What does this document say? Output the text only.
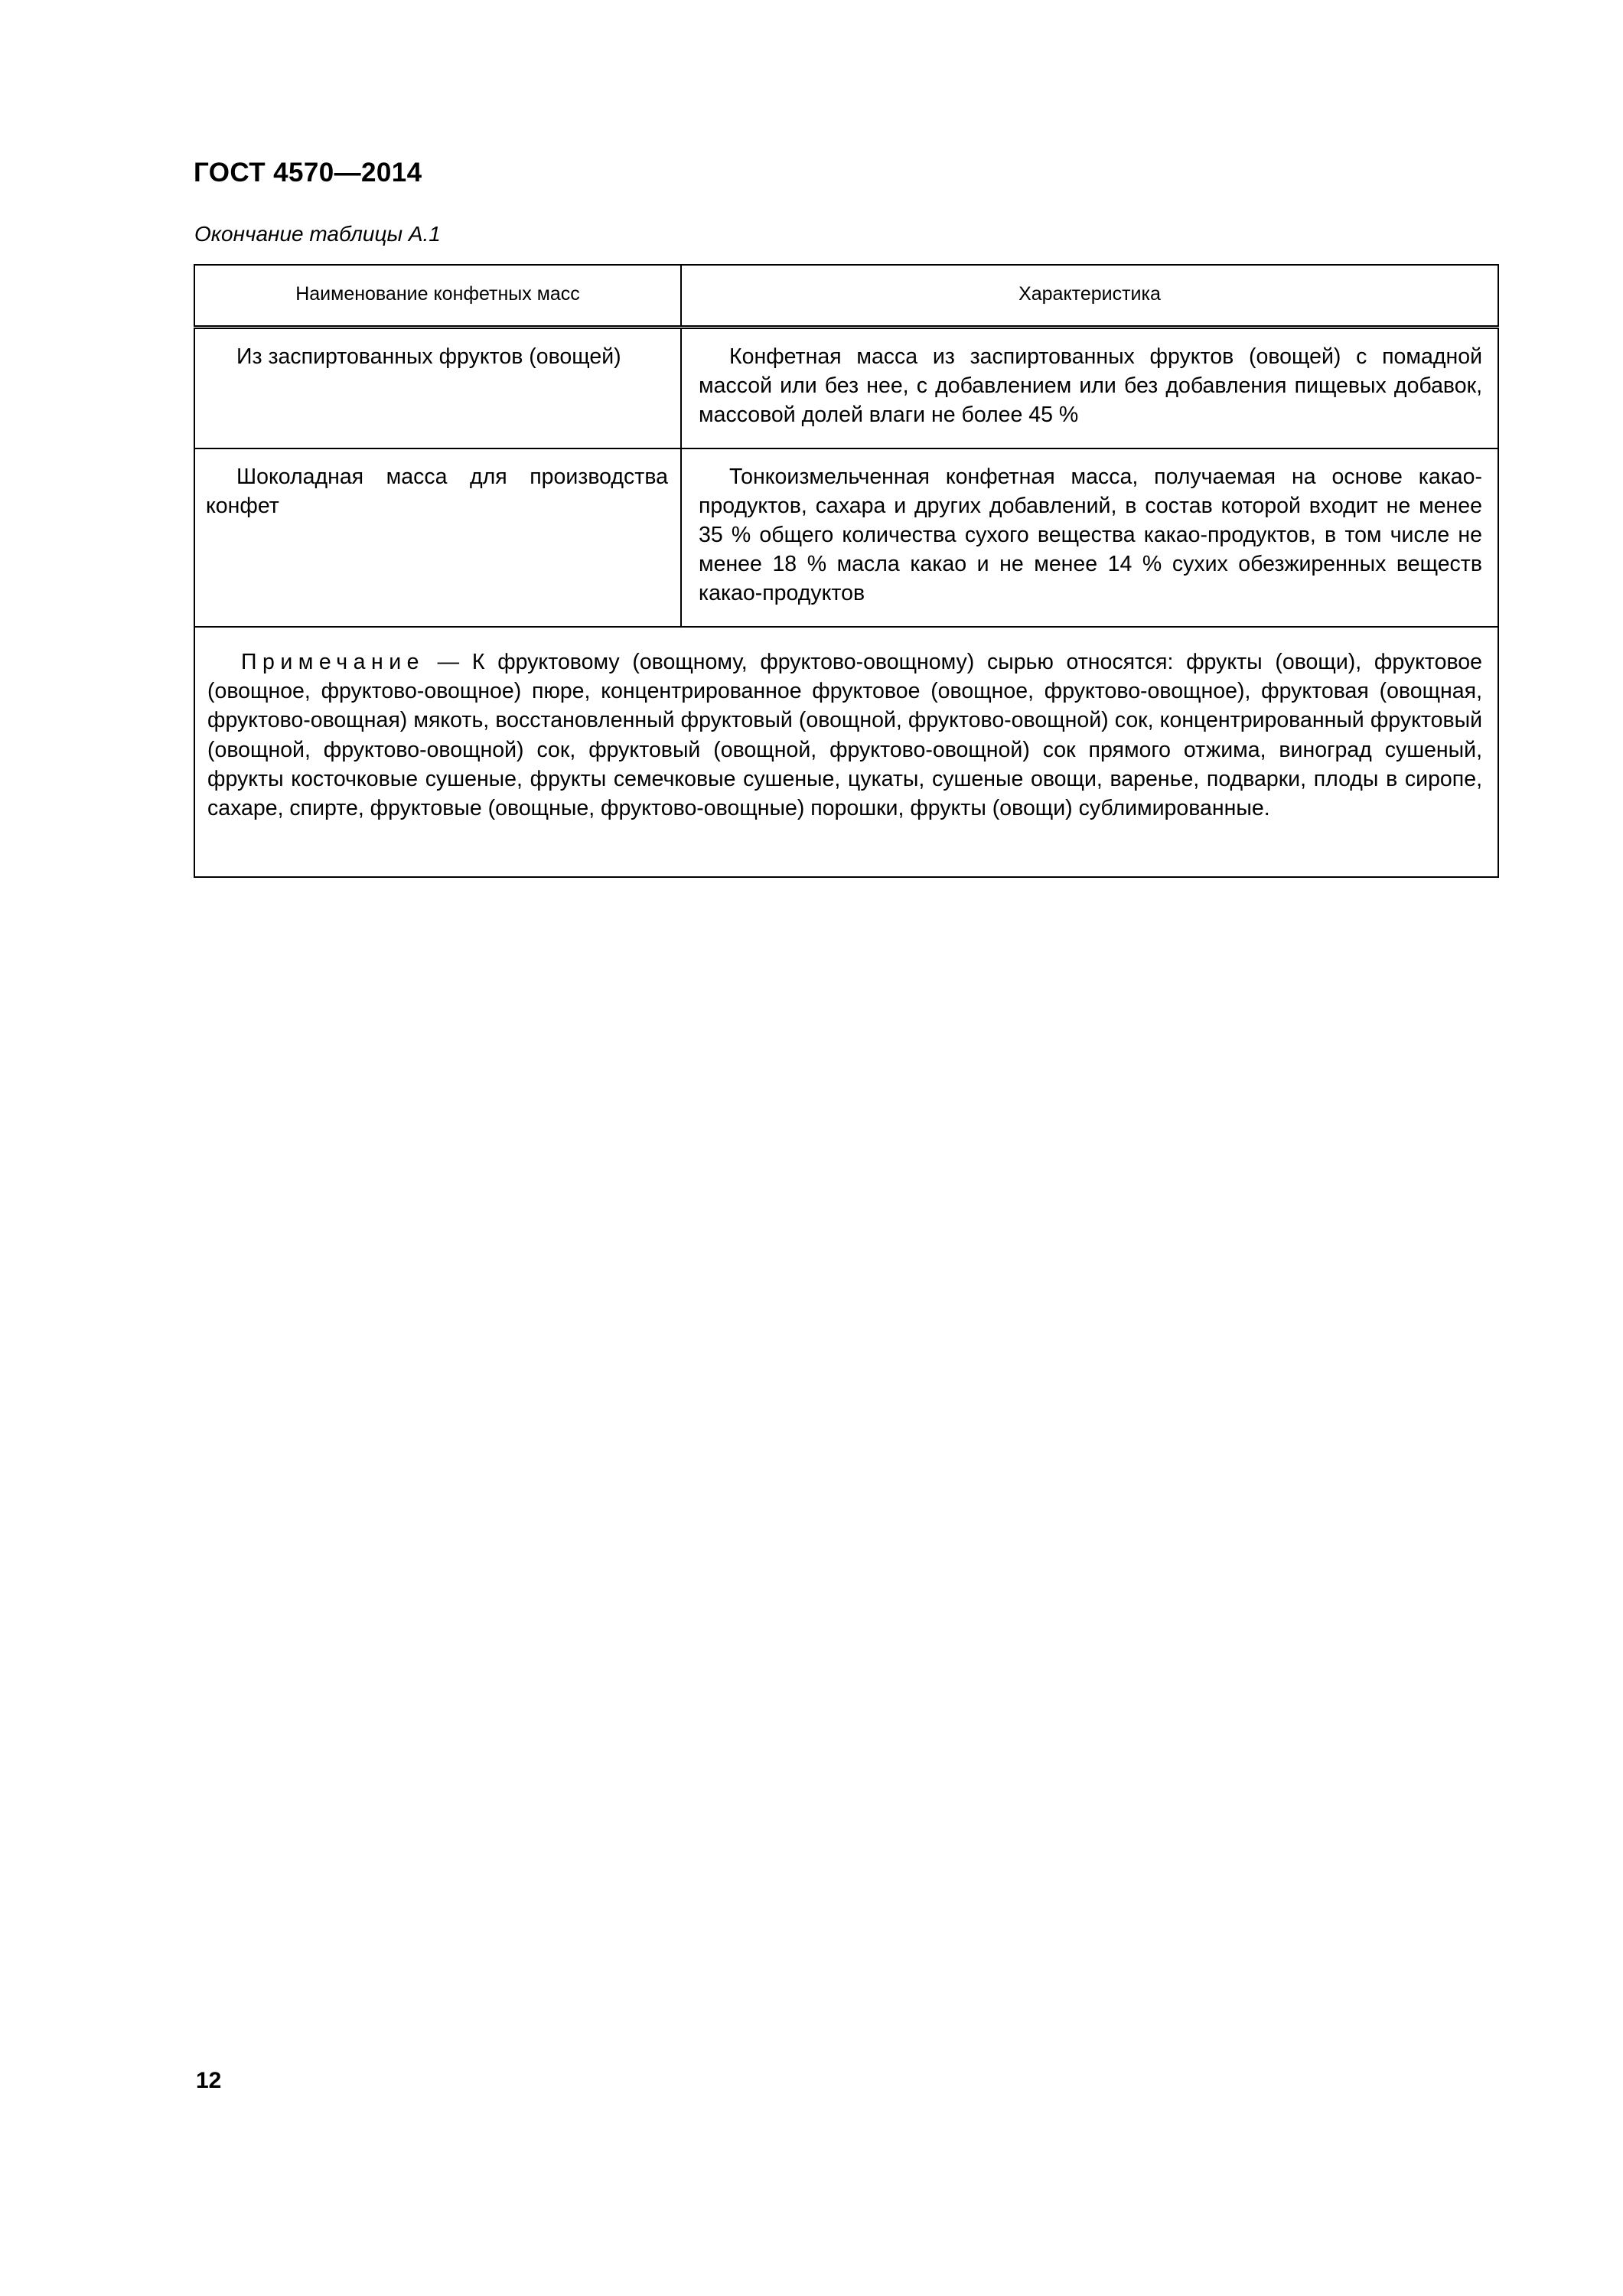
ГОСТ 4570—2014
Окончание таблицы А.1
Наименование конфетных масс	Характеристика

Из заспиртованных фруктов (овощей)	Конфетная масса из заспиртованных фруктов (овощей) с помадной массой или без нее, с добавлением или без добавления пищевых добавок, массовой долей влаги не более 45 %

Шоколадная масса для производства конфет	Тонкоизмельченная конфетная масса, получаемая на основе какао-продуктов, сахара и других добавлений, в состав которой входит не менее 35 % общего количества сухого вещества какао-продуктов, в том числе не менее 18 % масла какао и не менее 14 % сухих обезжиренных веществ какао-продуктов

Примечание — К фруктовому (овощному, фруктово-овощному) сырью относятся: фрукты (овощи), фруктовое (овощное, фруктово-овощное) пюре, концентрированное фруктовое (овощное, фруктово-овощное), фруктовая (овощная, фруктово-овощная) мякоть, восстановленный фруктовый (овощной, фруктово-овощной) сок, концентрированный фруктовый (овощной, фруктово-овощной) сок, фруктовый (овощной, фруктово-овощной) сок прямого отжима, виноград сушеный, фрукты косточковые сушеные, фрукты семечковые сушеные, цукаты, сушеные овощи, варенье, подварки, плоды в сиропе, сахаре, спирте, фруктовые (овощные, фруктово-овощные) порошки, фрукты (овощи) сублимированные.	
12
